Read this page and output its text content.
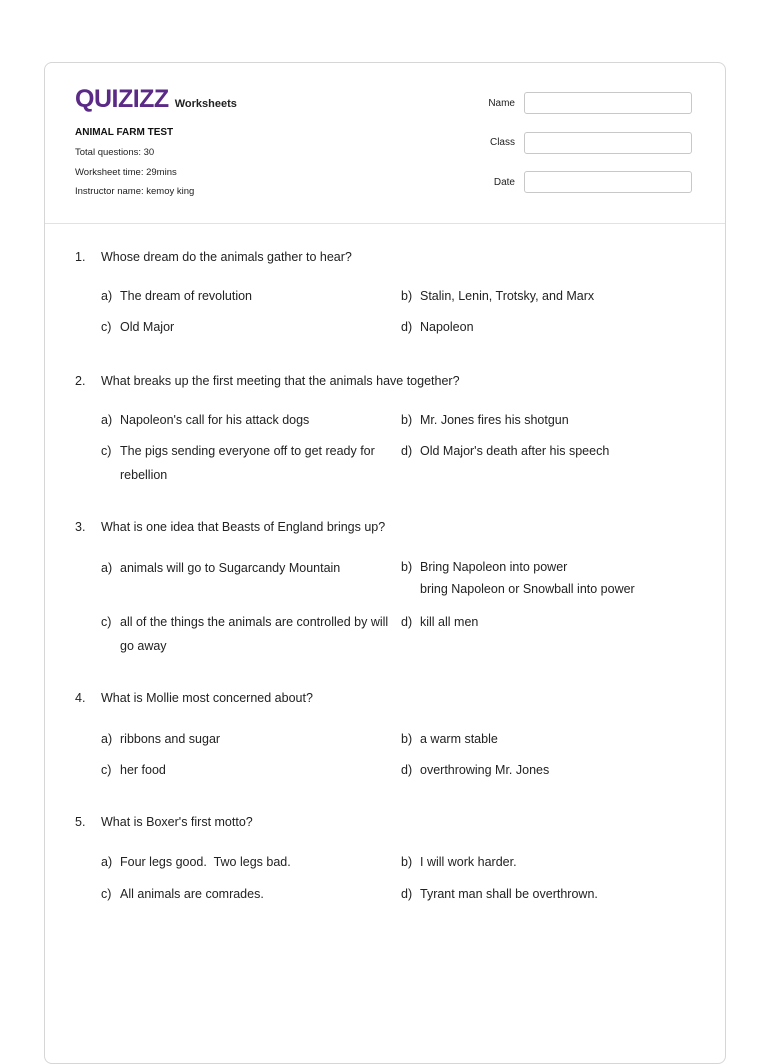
QUIZIZZ Worksheets
ANIMAL FARM TEST
Total questions: 30
Worksheet time: 29mins
Instructor name: kemoy king
Name
Class
Date
1. Whose dream do the animals gather to hear?
a) The dream of revolution	b) Stalin, Lenin, Trotsky, and Marx
c) Old Major	d) Napoleon
2. What breaks up the first meeting that the animals have together?
a) Napoleon's call for his attack dogs	b) Mr. Jones fires his shotgun
c) The pigs sending everyone off to get ready for rebellion
d) Old Major's death after his speech
3. What is one idea that Beasts of England brings up?
a) animals will go to Sugarcandy Mountain	b) Bring Napoleon into power
bring Napoleon or Snowball into power
c) all of the things the animals are controlled by will go away
d) kill all men
4. What is Mollie most concerned about?
a) ribbons and sugar	b) a warm stable
c) her food	d) overthrowing Mr. Jones
5. What is Boxer's first motto?
a) Four legs good.  Two legs bad.	b) I will work harder.
c) All animals are comrades.	d) Tyrant man shall be overthrown.
